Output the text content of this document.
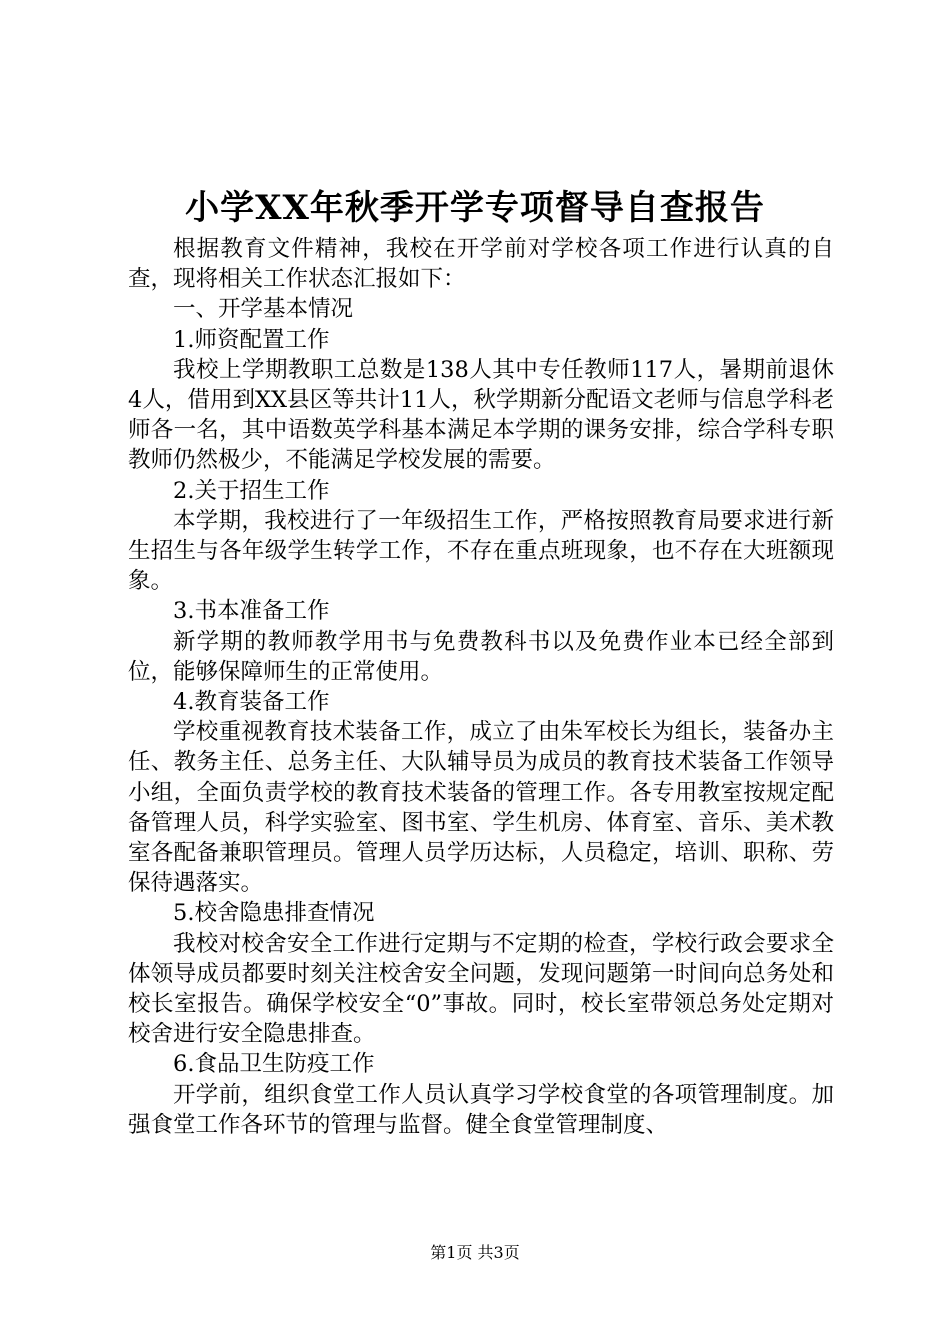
小学XX年秋季开学专项督导自查报告

根据教育文件精神，我校在开学前对学校各项工作进行认真的自查，现将相关工作状态汇报如下：

一、开学基本情况

1.师资配置工作

我校上学期教职工总数是138人其中专任教师117人，暑期前退休4人，借用到XX县区等共计11人，秋学期新分配语文老师与信息学科老师各一名，其中语数英学科基本满足本学期的课务安排，综合学科专职教师仍然极少，不能满足学校发展的需要。

2.关于招生工作

本学期，我校进行了一年级招生工作，严格按照教育局要求进行新生招生与各年级学生转学工作，不存在重点班现象，也不存在大班额现象。

3.书本准备工作

新学期的教师教学用书与免费教科书以及免费作业本已经全部到位，能够保障师生的正常使用。

4.教育装备工作

学校重视教育技术装备工作，成立了由朱军校长为组长，装备办主任、教务主任、总务主任、大队辅导员为成员的教育技术装备工作领导小组，全面负责学校的教育技术装备的管理工作。各专用教室按规定配备管理人员，科学实验室、图书室、学生机房、体育室、音乐、美术教室各配备兼职管理员。管理人员学历达标，人员稳定，培训、职称、劳保待遇落实。

5.校舍隐患排查情况

我校对校舍安全工作进行定期与不定期的检查，学校行政会要求全体领导成员都要时刻关注校舍安全问题，发现问题第一时间向总务处和校长室报告。确保学校安全“0”事故。同时，校长室带领总务处定期对校舍进行安全隐患排查。

6.食品卫生防疫工作

开学前，组织食堂工作人员认真学习学校食堂的各项管理制度。加强食堂工作各环节的管理与监督。健全食堂管理制度、

第1页 共3页
